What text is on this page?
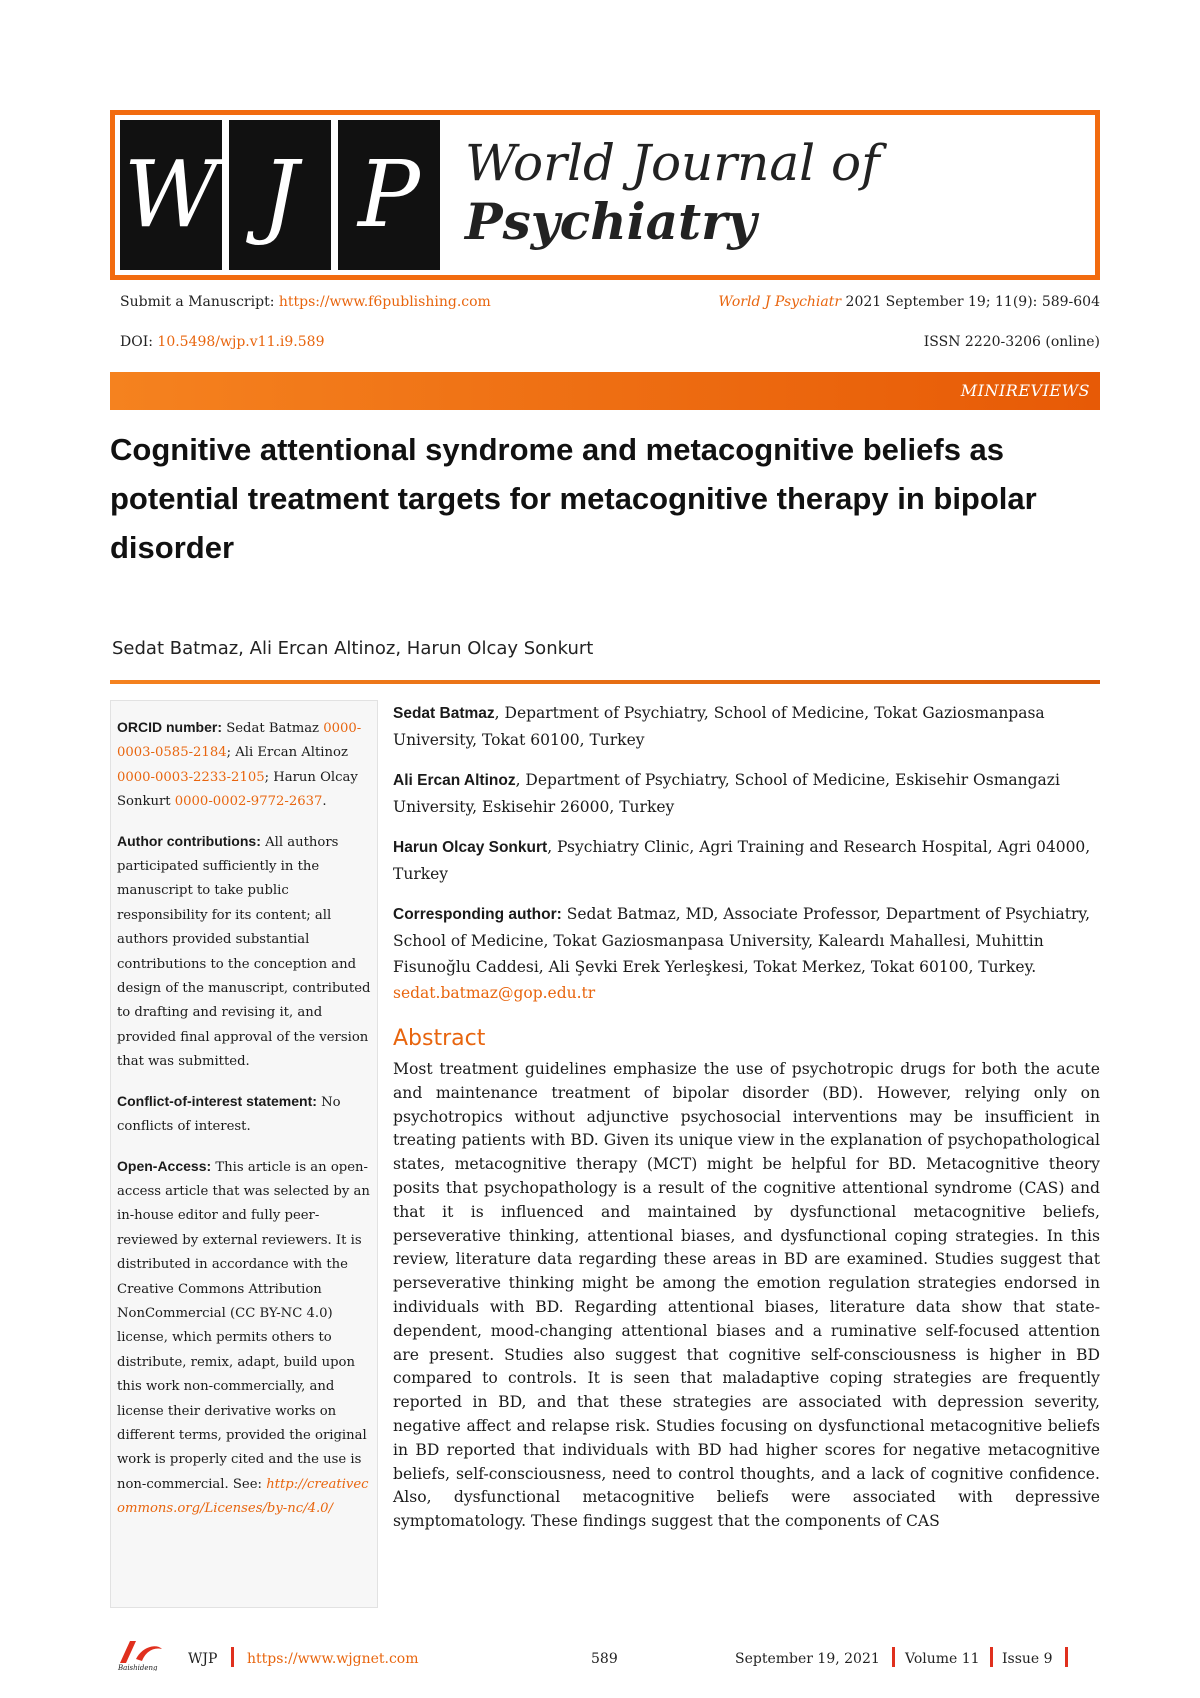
W J P World Journal of
Psychiatry
Submit a Manuscript: https://www.f6publishing.com	World J Psychiatr 2021 September 19; 11(9): 589-604
DOI: 10.5498/wjp.v11.i9.589	ISSN 2220-3206 (online)
MINIREVIEWS
Cognitive attentional syndrome and metacognitive beliefs as potential treatment targets for metacognitive therapy in bipolar disorder
Sedat Batmaz, Ali Ercan Altinoz, Harun Olcay Sonkurt

ORCID number: Sedat Batmaz 0000-0003-0585-2184; Ali Ercan Altinoz 0000-0003-2233-2105; Harun Olcay Sonkurt 0000-0002-9772-2637.

Author contributions: All authors participated sufficiently in the manuscript to take public responsibility for its content; all authors provided substantial contributions to the conception and design of the manuscript, contributed to drafting and revising it, and provided final approval of the version that was submitted.

Conflict-of-interest statement: No conflicts of interest.

Open-Access: This article is an open-access article that was selected by an in-house editor and fully peer-reviewed by external reviewers. It is distributed in accordance with the Creative Commons Attribution NonCommercial (CC BY-NC 4.0) license, which permits others to distribute, remix, adapt, build upon this work non-commercially, and license their derivative works on different terms, provided the original work is properly cited and the use is non-commercial. See: http://creativecommons.org/Licenses/by-nc/4.0/

Sedat Batmaz, Department of Psychiatry, School of Medicine, Tokat Gaziosmanpasa University, Tokat 60100, Turkey

Ali Ercan Altinoz, Department of Psychiatry, School of Medicine, Eskisehir Osmangazi University, Eskisehir 26000, Turkey

Harun Olcay Sonkurt, Psychiatry Clinic, Agri Training and Research Hospital, Agri 04000, Turkey

Corresponding author: Sedat Batmaz, MD, Associate Professor, Department of Psychiatry, School of Medicine, Tokat Gaziosmanpasa University, Kaleardı Mahallesi, Muhittin Fisunoğlu Caddesi, Ali Şevki Erek Yerleşkesi, Tokat Merkez, Tokat 60100, Turkey.
sedat.batmaz@gop.edu.tr

Abstract

Most treatment guidelines emphasize the use of psychotropic drugs for both the acute and maintenance treatment of bipolar disorder (BD). However, relying only on psychotropics without adjunctive psychosocial interventions may be insufficient in treating patients with BD. Given its unique view in the explanation of psychopathological states, metacognitive therapy (MCT) might be helpful for BD. Metacognitive theory posits that psychopathology is a result of the cognitive attentional syndrome (CAS) and that it is influenced and maintained by dysfunctional metacognitive beliefs, perseverative thinking, attentional biases, and dysfunctional coping strategies. In this review, literature data regarding these areas in BD are examined. Studies suggest that perseverative thinking might be among the emotion regulation strategies endorsed in individuals with BD. Regarding attentional biases, literature data show that state-dependent, mood-changing attentional biases and a ruminative self-focused attention are present. Studies also suggest that cognitive self-consciousness is higher in BD compared to controls. It is seen that maladaptive coping strategies are frequently reported in BD, and that these strategies are associated with depression severity, negative affect and relapse risk. Studies focusing on dysfunctional metacognitive beliefs in BD reported that individuals with BD had higher scores for negative metacognitive beliefs, self-consciousness, need to control thoughts, and a lack of cognitive confidence. Also, dysfunctional metacognitive beliefs were associated with depressive symptomatology. These findings suggest that the components of CAS

Baishideng
WJP https://www.wjgnet.com	589	September 19, 2021 Volume 11 Issue 9
